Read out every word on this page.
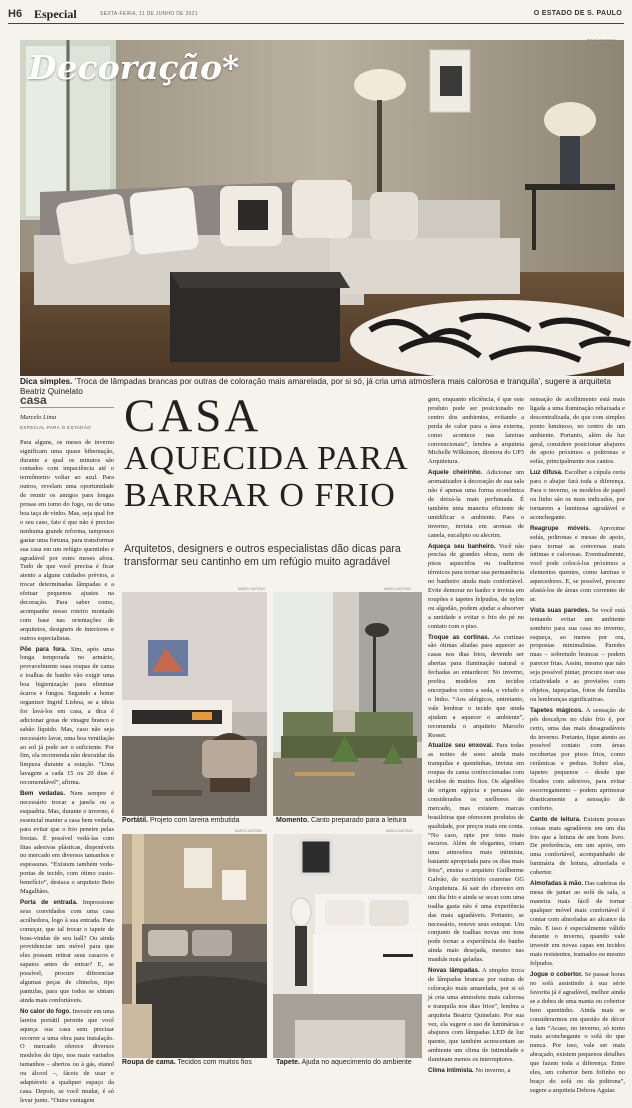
H6 Especial	SEXTA-FEIRA, 11 DE JUNHO DE 2021	O ESTADO DE S. PAULO
Decoração*
JESUS FOTOGRAFIA
Dica simples. ‘Troca de lâmpadas brancas por outras de coloração mais amarelada, por si só, já cria uma atmosfera mais calorosa e tranquila’, sugere a arquiteta Beatriz Quinelato
casa
Marcelo Lima
ESPECIAL PARA O ESTADÃO

Para alguns, os meses de inverno significam uma quase hibernação, durante a qual os minutos são contados com impaciência até o termômetro voltar ao azul. Para outros, revelam uma oportunidade de reunir os amigos para longas prosas em torno do fogo, ou de uma boa taça de vinho. Mas, seja qual for o seu caso, fato é que não é preciso nenhuma grande reforma, tampouco gastar uma fortuna, para transformar sua casa em um refúgio quentinho e agradável por estes meses afora. Tudo de que você precisa é ficar atento a alguns cuidados prévios, a trocar determinadas lâmpadas e a efetuar pequenos ajustes na decoração. Para saber como, acompanhe nosso roteiro montado com base nas orientações de arquitetos, designers de interiores e outros especialistas.

Põe para fora. Sim, após uma longa temporada no armário, provavelmente suas roupas de cama e toalhas de banho vão exigir uma boa higienização para eliminar ácaros e fungos. Segundo a home organizer Ingrid Lisboa, se a ideia for lavá-los em casa, a dica é adicionar gotas de vinagre branco e sabão líquido. Mas, caso não seja necessário lavar, uma boa ventilação ao sol já pode ser o suficiente. Por fim, ela recomenda não descuidar da limpeza durante a estação. “Uma lavagem a cada 15 ou 20 dias é recomendável”, afirma.

Bem vedadas. Nem sempre é necessário trocar a janela ou a esquadria. Mas, durante o inverno, é essencial manter a casa bem vedada, para evitar que o frio penetre pelas frestas. É possível vedá-las com fitas adesivas plásticas, disponíveis no mercado em diversos tamanhos e espessuras. “Existem também veda-portas de tecido, com ótimo custo-benefício”, destaca o arquiteto Beto Magalhães.

Porta de entrada. Impressione seus convidados com uma casa acolhedora, logo à sua entrada. Para começar, que tal trocar o tapete de boas-vindas de seu hall? Ou ainda providenciar um móvel para que eles possam retirar seus casacos e sapatos antes de entrar? E, se possível, procure diferenciar algumas peças de chinelos, tipo pantufas, para que todos se sintam ainda mais confortáveis.

No calor do fogo. Investir em uma lareira portátil permite que você aqueça sua casa sem precisar recorrer a uma obra para instalação. O mercado oferece diversos modelos do tipo, nos mais variados tamanhos – abertos ou à gás, etanol ou álcool –, fáceis de usar e adaptáveis a qualquer espaço da casa. Depois, se você mudar, é só levar junto. “Outra vantagem

CASA
AQUECIDA PARA
BARRAR O FRIO
Arquitetos, designers e outros especialistas dão dicas para transformar seu cantinho em um refúgio muito agradável
MARCO ANTONIO
Portátil. Projeto com lareira embutida
MARCO ANTONIO
Momento. Canto preparado para a leitura
MARCO ANTONIO
Roupa de cama. Tecidos com muitos fios
MARCO ANTONIO
Tapete. Ajuda no aquecimento do ambiente

gem, enquanto eficiência, é que este produto pode ser posicionado no centro dos ambientes, evitando a perda de calor para a área externa, como acontece nas lareiras convencionais”, lembra a arquiteta Michelle Wilkinson, diretora do UP3 Arquitetura.

Aquele cheirinho. Adicionar um aromatizador à decoração de sua sala não é apenas uma forma econômica de deixá-la mais perfumada. É também uma maneira eficiente de umidificar o ambiente. Para o inverno, invista em aromas de canela, eucalipto ou alecrim.

Aqueça seu banheiro. Você não precisa de grandes obras, nem de pisos aquecidos ou toalheiros térmicos para tornar sua permanência no banheiro ainda mais confortável. Evite demorar no banho e invista em roupões e tapetes felpudos, de nylon ou algodão, podem ajudar a absorver a umidade e evitar o frio do pé no contato com o piso.

Troque as cortinas. As cortinas são ótimas aliadas para aquecer as casas nos dias frios, devendo ser abertas para iluminação natural e fechadas ao entardecer. No inverno, prefira modelos em tecidos encorpados como a seda, o veludo e o linho. “Aos alérgicos, entretanto, vale lembrar o tecido que ainda ajudam a aquecer o ambiente”, recomenda o arquiteto Marcelo Rosset.

Atualize seu enxoval. Para todas as noites de sono ainda mais tranquilas e quentinhas, invista em roupas de cama confeccionadas com tecidos de muitos fios. Os algodões de origem egípcia e peruana são considerados os melhores do mercado, mas existem marcas brasileiras que oferecem produtos de qualidade, por preços mais em conta. “No caso, opte por tons mais escuros. Além de elegantes, criam uma atmosfera mais intimista, bastante apropriada para os dias mais frios”, ensina o arquiteto Guilherme Galvão, do escritório cearense GG Arquitetura. Já sair do chuveiro em um dia frio e ainda se secar com uma toalha gasta não é uma experiência das mais agradáveis. Portanto, se necessário, renove seus estoque. Um conjunto de toalhas novas em tons pode tornar a experiência do banho ainda mais desejada, mesmo nas manhãs mais geladas.

Novas lâmpadas. A simples troca de lâmpadas brancas por outras de coloração mais amarelada, por si só já cria uma atmosfera mais calorosa e tranquila nos dias frios”, lembra a arquiteta Beatriz Quinelato. Por sua vez, ela sugere o uso de luminárias e abajures com lâmpadas LED de luz quente, que também acrescentam ao ambiente um clima de intimidade e iluminam menos os interruptores.

Clima intimista. No inverno, a

sensação de acolhimento está mais ligada a uma iluminação rebaixada e descentralizada, do que com simples ponto luminoso, no centro de um ambiente. Portanto, além da luz geral, considere posicionar abajures de apoio próximos a poltronas e sofás, principalmente nos cantos.

Luz difusa. Escolher a cúpula certa para o abajur fará toda a diferença. Para o inverno, os modelos de papel ou linho são os mais indicados, por tornarem a luminosa agradável e aconchegante.

Reagrupe móveis. Aproxime sofás, poltronas e mesas de apoio, para tornar as conversas mais íntimas e calorosas. Eventualmente, você pode colocá-los próximos a elementos quentes, como lareiras e aquecedores. E, se possível, procure afastá-los de áreas com correntes de ar.

Vista suas paredes. Se você está tentando evitar um ambiente sombrio para sua casa no inverno, esqueça, ao menos por ora, propostas minimalistas. Paredes nuas – sobretudo brancas – podem parecer frias. Assim, mesmo que não seja possível pintar, procure usar sua criatividade e as provisões com objetos, tapeçarias, fotos de família ou lembranças significativas.

Tapetes mágicos. A sensação de pés descalços no chão frio é, por certo, uma das mais desagradáveis do inverno. Portanto, fique atento ao possível contato com áreas recobertas por pisos frios, como cerâmicas e pedras. Sobre elas, tapetes pequenos – desde que fixados com adesivos, para evitar escorregamento – podem aprimorar drasticamente a sensação de conforto.

Canto de leitura. Existem poucas coisas mais agradáveis em um dia frio que a leitura de um bom livro. De preferência, em um apoio, em uma confortável, acompanhado de luminária de leitura, almofada e cobertor.

Almofadas à mão. Das cadeiras da mesa de jantar ao sofá da sala, a maneira mais fácil de tornar qualquer móvel mais confortável é contar com almofadas ao alcance da mão. E isso é especialmente válido durante o inverno, quando vale investir em novas capas em tecidos mais resistentes, tramados ou mesmo felpudos.

Jogue o cobertor. Se passar horas no sofá assistindo à sua série favorita já é agradável, melhor ainda se a dobra de uma manta ou cobertor bem quentinho. Ainda mais se considerarmos em questão de décor a fam “Acaso, no inverno, só torno mais aconchegante o sofá do que nunca. Por isso, vale ser mais abraçado, existem pequenos detalhes que fazem toda a diferença. Entre eles, um cobertor bem fofinho no braço do sofá ou da poltrona”, sugere a arquiteta Debora Aguiar.
